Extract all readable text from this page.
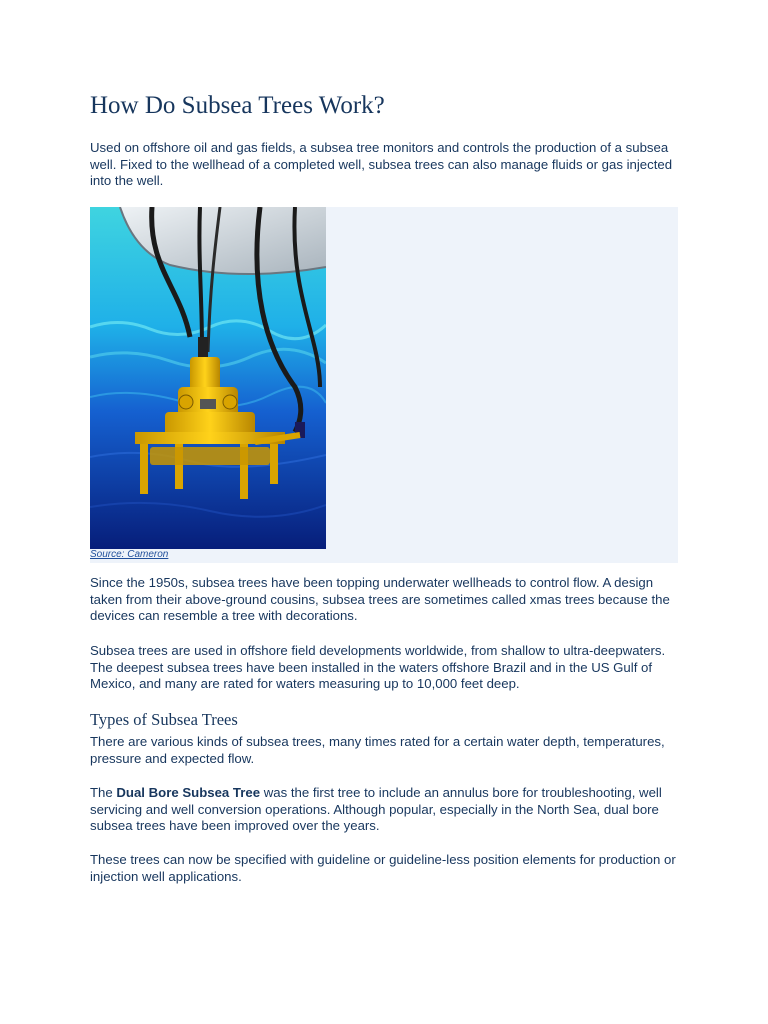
How Do Subsea Trees Work?

Used on offshore oil and gas fields, a subsea tree monitors and controls the production of a subsea well. Fixed to the wellhead of a completed well, subsea trees can also manage fluids or gas injected into the well.

Source: Cameron

Since the 1950s, subsea trees have been topping underwater wellheads to control flow. A design taken from their above-ground cousins, subsea trees are sometimes called xmas trees because the devices can resemble a tree with decorations.

Subsea trees are used in offshore field developments worldwide, from shallow to ultra-deepwaters. The deepest subsea trees have been installed in the waters offshore Brazil and in the US Gulf of Mexico, and many are rated for waters measuring up to 10,000 feet deep.

Types of Subsea Trees

There are various kinds of subsea trees, many times rated for a certain water depth, temperatures, pressure and expected flow.

The Dual Bore Subsea Tree was the first tree to include an annulus bore for troubleshooting, well servicing and well conversion operations. Although popular, especially in the North Sea, dual bore subsea trees have been improved over the years.

These trees can now be specified with guideline or guideline-less position elements for production or injection well applications.
